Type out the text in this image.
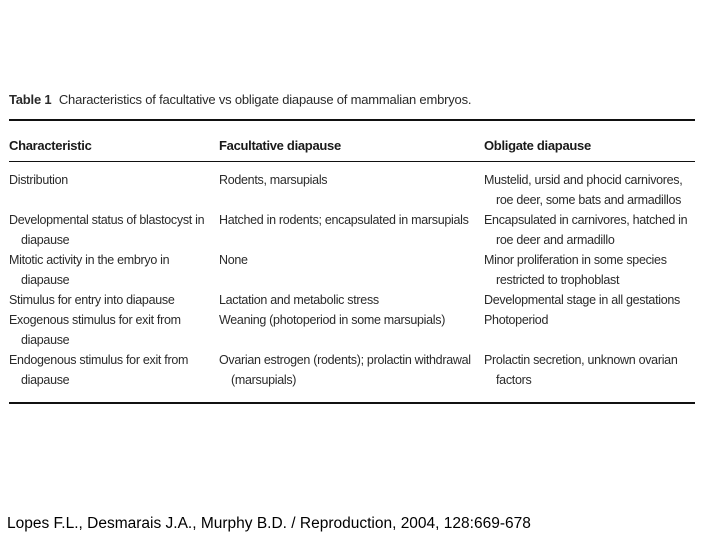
Table 1 Characteristics of facultative vs obligate diapause of mammalian embryos.
Characteristic	Facultative diapause	Obligate diapause

Distribution	Rodents, marsupials	Mustelid, ursid and phocid carnivores, roe deer, some bats and armadillos

Developmental status of blastocyst in diapause	Hatched in rodents; encapsulated in marsupials	Encapsulated in carnivores, hatched in roe deer and armadillo

Mitotic activity in the embryo in diapause	None	Minor proliferation in some species restricted to trophoblast

Stimulus for entry into diapause	Lactation and metabolic stress	Developmental stage in all gestations

Exogenous stimulus for exit from diapause	Weaning (photoperiod in some marsupials)	Photoperiod

Endogenous stimulus for exit from diapause	Ovarian estrogen (rodents); prolactin withdrawal (marsupials)	Prolactin secretion, unknown ovarian factors
Lopes F.L., Desmarais J.A., Murphy B.D. / Reproduction, 2004, 128:669-678
